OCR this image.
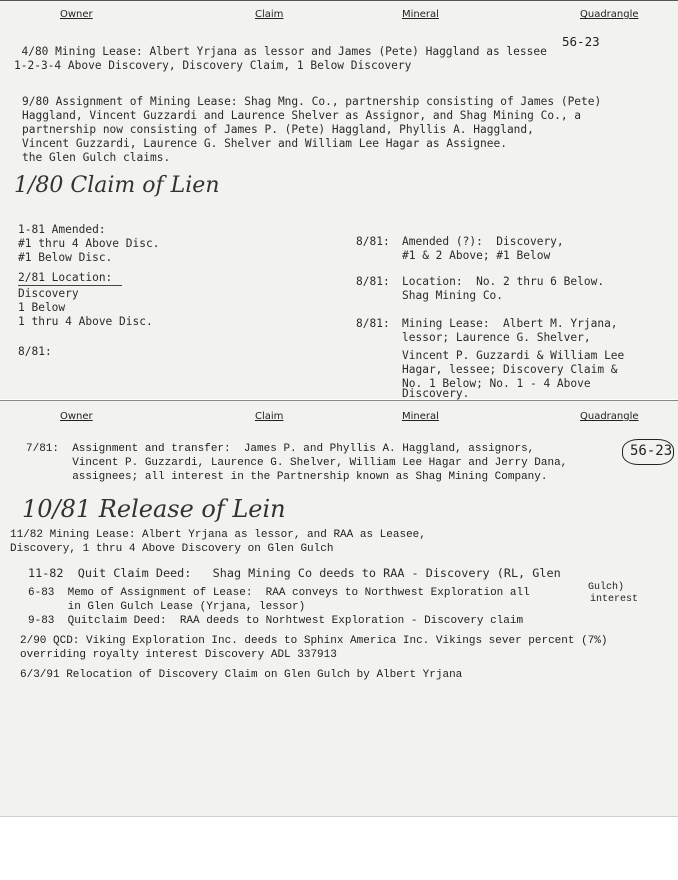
Owner	Claim	Mineral	Quadrangle
56-23
4/80 Mining Lease: Albert Yrjana as lessor and James (Pete) Haggland as lessee
1-2-3-4 Above Discovery, Discovery Claim, 1 Below Discovery
9/80 Assignment of Mining Lease: Shag Mng. Co., partnership consisting of James (Pete)
Haggland, Vincent Guzzardi and Laurence Shelver as Assignor, and Shag Mining Co., a
partnership now consisting of James P. (Pete) Haggland, Phyllis A. Haggland,
Vincent Guzzardi, Laurence G. Shelver and William Lee Hagar as Assignee.
the Glen Gulch claims.
1/80 Claim of Lien
1-81 Amended:
#1 thru 4 Above Disc.
#1 Below Disc.
2/81 Location:
Discovery
1 Below
1 thru 4 Above Disc.
8/81:
8/81: Amended (?):  Discovery,
#1 & 2 Above; #1 Below
8/81: Location:  No. 2 thru 6 Below.
Shag Mining Co.
8/81: Mining Lease:  Albert M. Yrjana,
lessor; Laurence G. Shelver,
Vincent P. Guzzardi & William Lee
Hagar, lessee; Discovery Claim &
No. 1 Below; No. 1 - 4 Above
Discovery.
Owner	Claim	Mineral	Quadrangle
56-23
7/81:  Assignment and transfer:  James P. and Phyllis A. Haggland, assignors,
Vincent P. Guzzardi, Laurence G. Shelver, William Lee Hagar and Jerry Dana,
assignees; all interest in the Partnership known as Shag Mining Company.
10/81 Release of Lein
11/82 Mining Lease: Albert Yrjana as lessor, and RAA as Leasee,
Discovery, 1 thru 4 Above Discovery on Glen Gulch
11-82  Quit Claim Deed:   Shag Mining Co deeds to RAA - Discovery (RL, Glen
Gulch)
6-83  Memo of Assignment of Lease:  RAA conveys to Northwest Exploration all
in Glen Gulch Lease (Yrjana, lessor)
interest
9-83  Quitclaim Deed:  RAA deeds to Norhtwest Exploration - Discovery claim
2/90 QCD: Viking Exploration Inc. deeds to Sphinx America Inc. Vikings sever percent (7%)
overriding royalty interest Discovery ADL 337913
6/3/91 Relocation of Discovery Claim on Glen Gulch by Albert Yrjana
